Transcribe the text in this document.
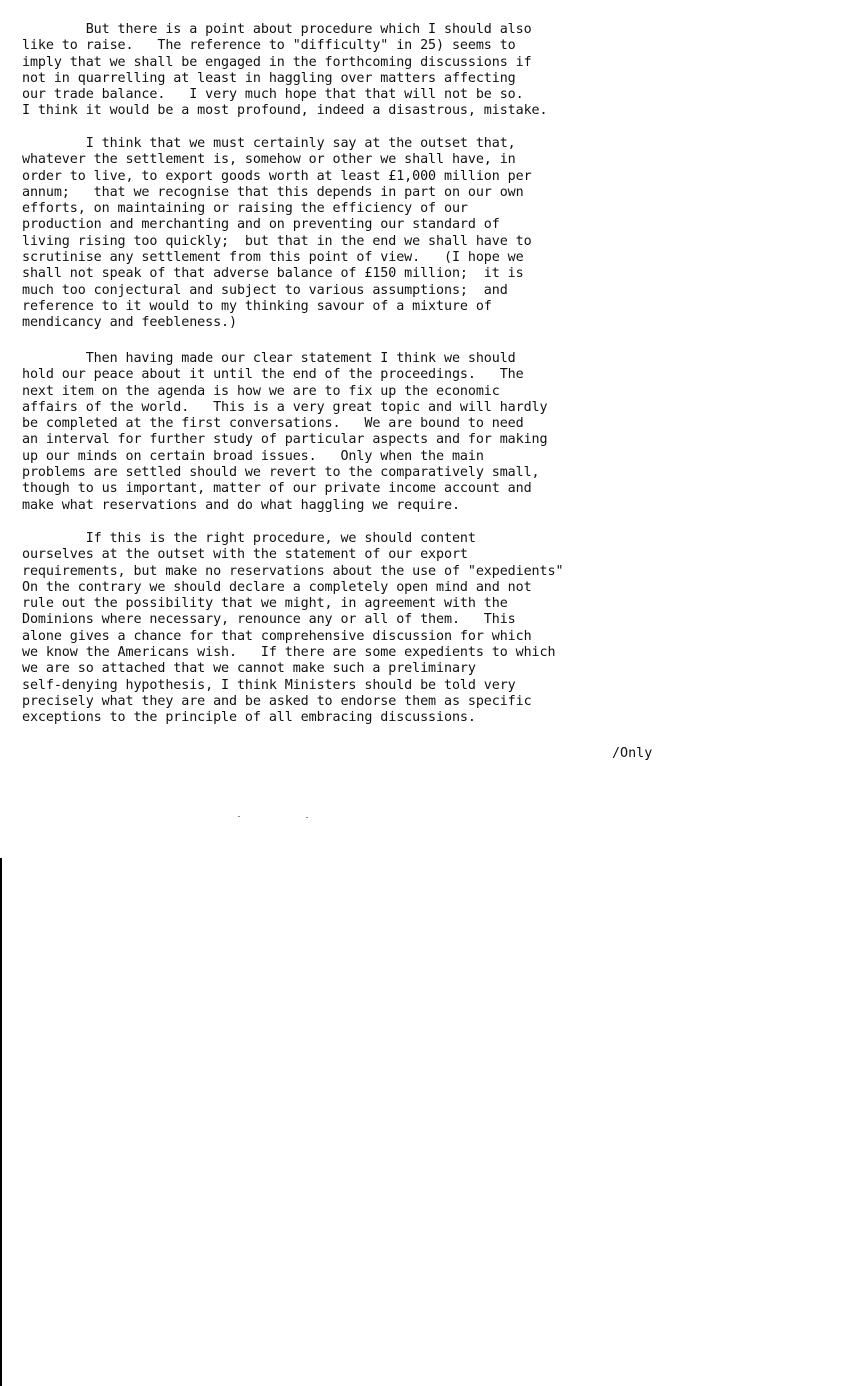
But there is a point about procedure which I should also
like to raise.   The reference to "difficulty" in 25) seems to
imply that we shall be engaged in the forthcoming discussions if
not in quarrelling at least in haggling over matters affecting
our trade balance.   I very much hope that that will not be so.
I think it would be a most profound, indeed a disastrous, mistake.

I think that we must certainly say at the outset that,
whatever the settlement is, somehow or other we shall have, in
order to live, to export goods worth at least £1,000 million per
annum;   that we recognise that this depends in part on our own
efforts, on maintaining or raising the efficiency of our
production and merchanting and on preventing our standard of
living rising too quickly;  but that in the end we shall have to
scrutinise any settlement from this point of view.   (I hope we
shall not speak of that adverse balance of £150 million;  it is
much too conjectural and subject to various assumptions;  and
reference to it would to my thinking savour of a mixture of
mendicancy and feebleness.)

Then having made our clear statement I think we should
hold our peace about it until the end of the proceedings.   The
next item on the agenda is how we are to fix up the economic
affairs of the world.   This is a very great topic and will hardly
be completed at the first conversations.   We are bound to need
an interval for further study of particular aspects and for making
up our minds on certain broad issues.   Only when the main
problems are settled should we revert to the comparatively small,
though to us important, matter of our private income account and
make what reservations and do what haggling we require.

If this is the right procedure, we should content
ourselves at the outset with the statement of our export
requirements, but make no reservations about the use of "expedients"
On the contrary we should declare a completely open mind and not
rule out the possibility that we might, in agreement with the
Dominions where necessary, renounce any or all of them.   This
alone gives a chance for that comprehensive discussion for which
we know the Americans wish.   If there are some expedients to which
we are so attached that we cannot make such a preliminary
self-denying hypothesis, I think Ministers should be told very
precisely what they are and be asked to endorse them as specific
exceptions to the principle of all embracing discussions.

/Only
